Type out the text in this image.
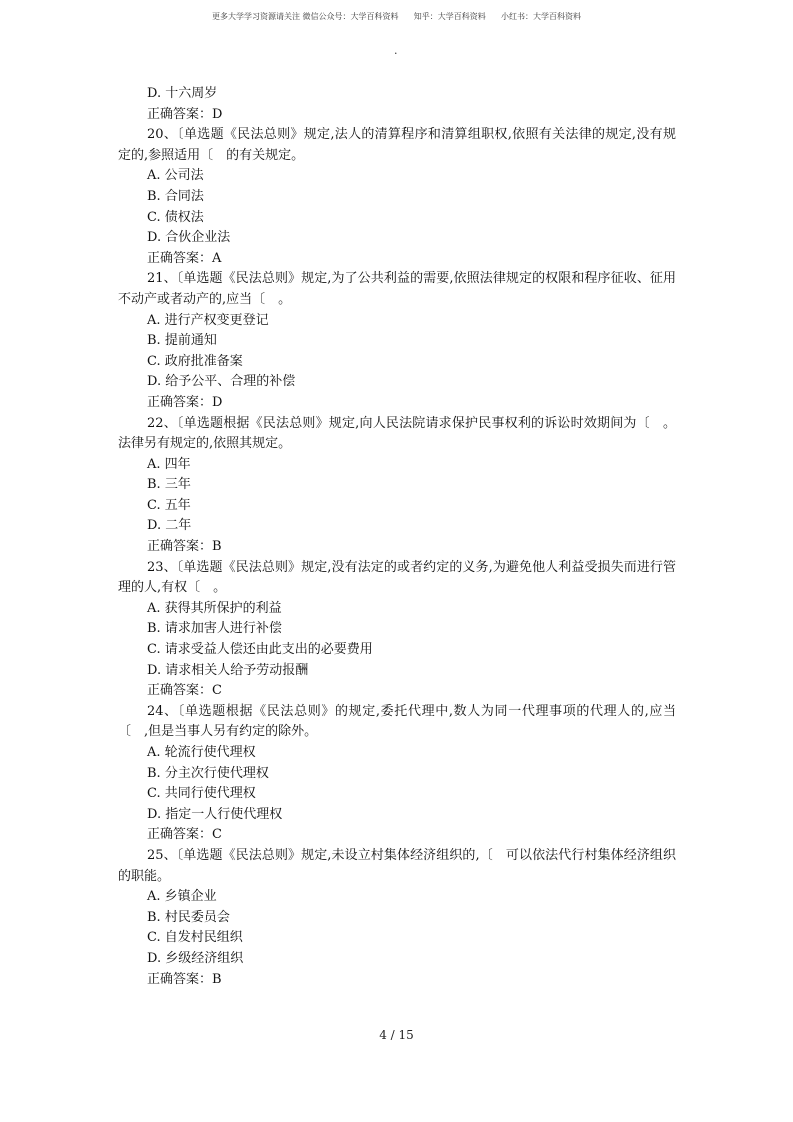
更多大学学习资源请关注 微信公众号：大学百科资料      知乎：大学百科资料      小红书：大学百科资料
.

D. 十六周岁

正确答案：D

20、〔单选题《民法总则》规定,法人的清算程序和清算组职权,依照有关法律的规定,没有规定的,参照适用〔　的有关规定。

A. 公司法

B. 合同法

C. 债权法

D. 合伙企业法

正确答案：A

21、〔单选题《民法总则》规定,为了公共利益的需要,依照法律规定的权限和程序征收、征用不动产或者动产的,应当〔　。

A. 进行产权变更登记

B. 提前通知

C. 政府批准备案

D. 给予公平、合理的补偿

正确答案：D

22、〔单选题根据《民法总则》规定,向人民法院请求保护民事权利的诉讼时效期间为〔　。法律另有规定的,依照其规定。

A. 四年

B. 三年

C. 五年

D. 二年

正确答案：B

23、〔单选题《民法总则》规定,没有法定的或者约定的义务,为避免他人利益受损失而进行管理的人,有权〔　。

A. 获得其所保护的利益

B. 请求加害人进行补偿

C. 请求受益人偿还由此支出的必要费用

D. 请求相关人给予劳动报酬

正确答案：C

24、〔单选题根据《民法总则》的规定,委托代理中,数人为同一代理事项的代理人的,应当〔　,但是当事人另有约定的除外。

A. 轮流行使代理权

B. 分主次行使代理权

C. 共同行使代理权

D. 指定一人行使代理权

正确答案：C

25、〔单选题《民法总则》规定,未设立村集体经济组织的,〔　可以依法代行村集体经济组织的职能。

A. 乡镇企业

B. 村民委员会

C. 自发村民组织

D. 乡级经济组织

正确答案：B

4 / 15
